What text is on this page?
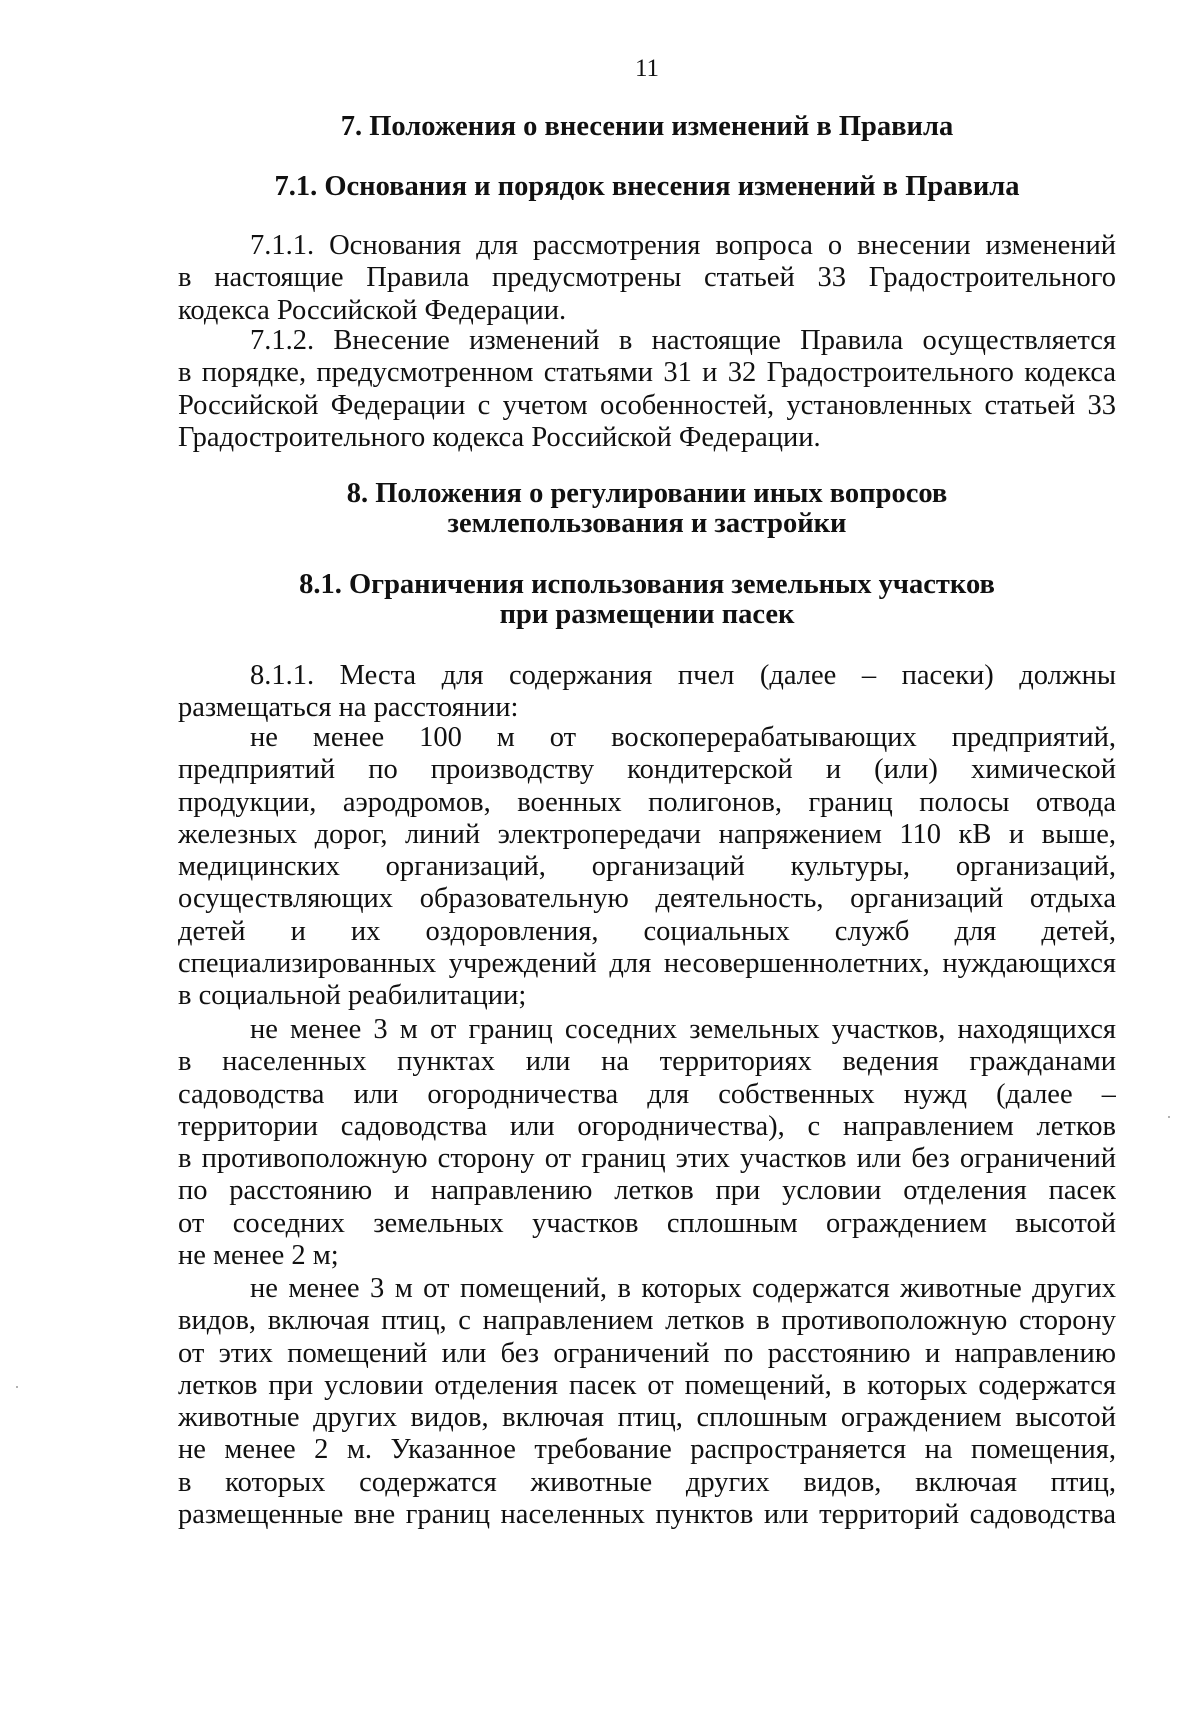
11
7. Положения о внесении изменений в Правила
7.1. Основания и порядок внесения изменений в Правила
7.1.1. Основания для рассмотрения вопроса о внесении изменений
в настоящие Правила предусмотрены статьей 33 Градостроительного
кодекса Российской Федерации.
7.1.2. Внесение изменений в настоящие Правила осуществляется
в порядке, предусмотренном статьями 31 и 32 Градостроительного кодекса
Российской Федерации с учетом особенностей, установленных статьей 33
Градостроительного кодекса Российской Федерации.
8. Положения о регулировании иных вопросов
землепользования и застройки
8.1. Ограничения использования земельных участков
при размещении пасек
8.1.1. Места для содержания пчел (далее – пасеки) должны
размещаться на расстоянии:
не менее 100 м от воскоперерабатывающих предприятий,
предприятий по производству кондитерской и (или) химической
продукции, аэродромов, военных полигонов, границ полосы отвода
железных дорог, линий электропередачи напряжением 110 кВ и выше,
медицинских организаций, организаций культуры, организаций,
осуществляющих образовательную деятельность, организаций отдыха
детей и их оздоровления, социальных служб для детей,
специализированных учреждений для несовершеннолетних, нуждающихся
в социальной реабилитации;
не менее 3 м от границ соседних земельных участков, находящихся
в населенных пунктах или на территориях ведения гражданами
садоводства или огородничества для собственных нужд (далее –
территории садоводства или огородничества), с направлением летков
в противоположную сторону от границ этих участков или без ограничений
по расстоянию и направлению летков при условии отделения пасек
от соседних земельных участков сплошным ограждением высотой
не менее 2 м;
не менее 3 м от помещений, в которых содержатся животные других
видов, включая птиц, с направлением летков в противоположную сторону
от этих помещений или без ограничений по расстоянию и направлению
летков при условии отделения пасек от помещений, в которых содержатся
животные других видов, включая птиц, сплошным ограждением высотой
не менее 2 м. Указанное требование распространяется на помещения,
в которых содержатся животные других видов, включая птиц,
размещенные вне границ населенных пунктов или территорий садоводства
